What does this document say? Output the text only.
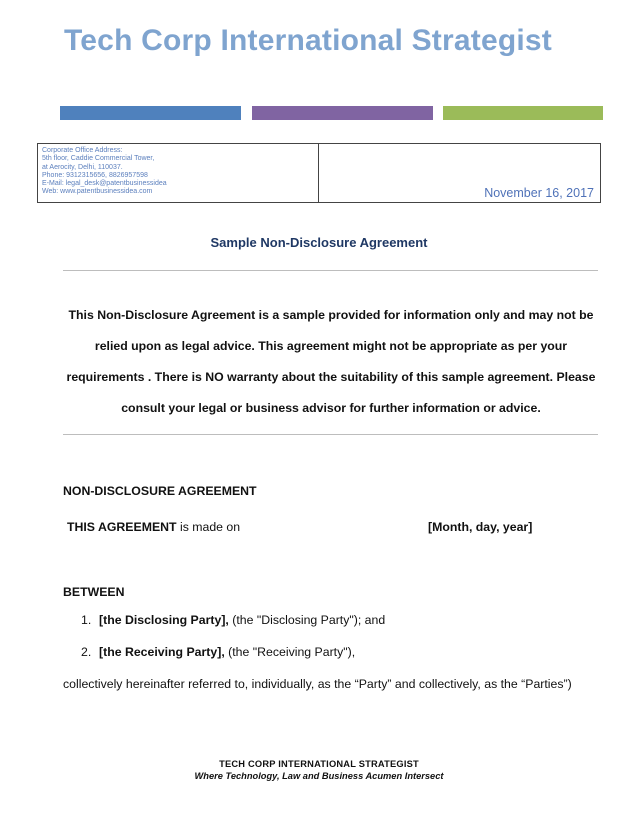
Tech Corp International Strategist
Corporate Office Address:
5th floor, Caddie Commercial Tower,
at Aerocity, Delhi, 110037.
Phone: 9312315656, 8826957598
E-Mail: legal_desk@patentbusinessidea
Web: www.patentbusinessidea.com	November 16, 2017
Sample Non-Disclosure Agreement

This Non-Disclosure Agreement is a sample provided for information only and may not be relied upon as legal advice. This agreement might not be appropriate as per your requirements . There is NO warranty about the suitability of this sample agreement. Please consult your legal or business advisor for further information or advice.

NON-DISCLOSURE AGREEMENT

THIS AGREEMENT is made on	[Month, day, year]

BETWEEN

1. [the Disclosing Party], (the "Disclosing Party"); and
2. [the Receiving Party], (the "Receiving Party"),
collectively hereinafter referred to, individually, as the “Party” and collectively, as the “Parties”)
TECH CORP INTERNATIONAL STRATEGIST
Where Technology, Law and Business Acumen Intersect
